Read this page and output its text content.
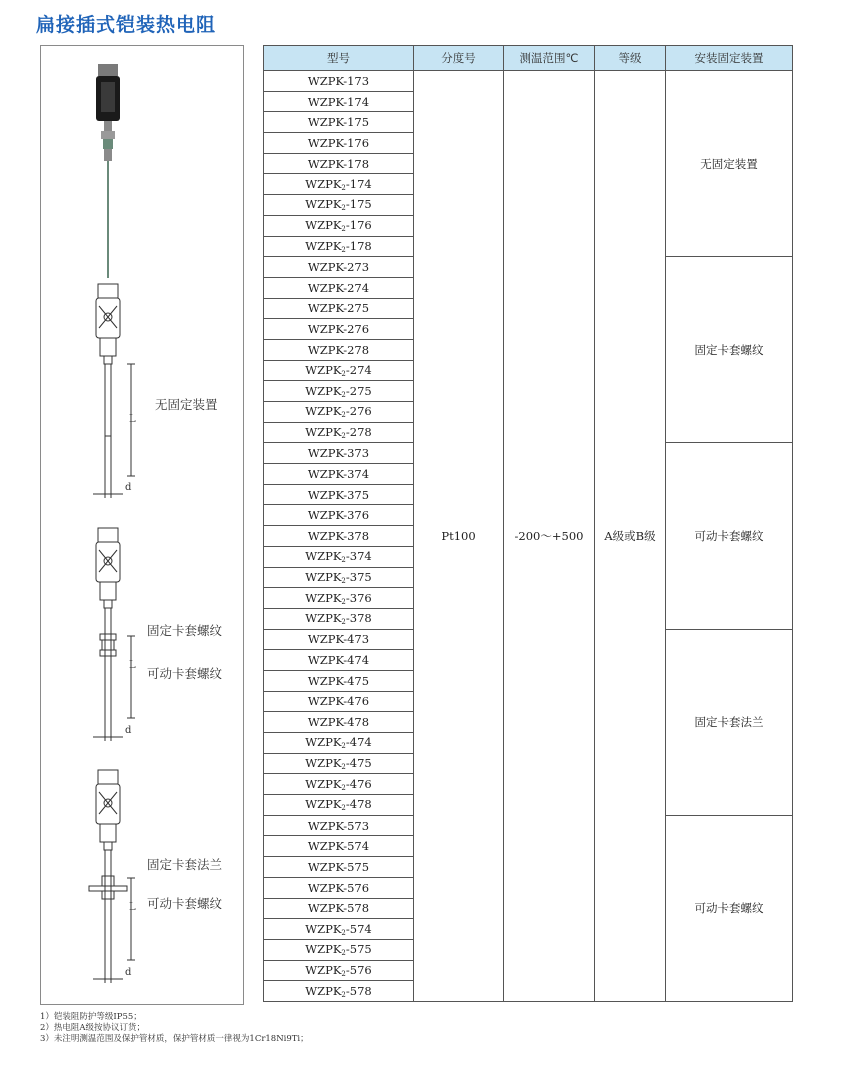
扁接插式铠装热电阻
L
d
L
d
L
d
无固定装置
固定卡套螺纹
可动卡套螺纹
固定卡套法兰
可动卡套螺纹
型号	分度号	测温范围℃	等级	安装固定装置
WZPK-173	Pt100	-200～+500	A级或B级	无固定装置
WZPK-174				
WZPK-175				
WZPK-176				
WZPK-178				
$WZPK_2-174$				
$WZPK_2-175$				
$WZPK_2-176$				
$WZPK_2-178$				
WZPK-273				固定卡套螺纹
WZPK-274				
WZPK-275				
WZPK-276				
WZPK-278				
$WZPK_2-274$				
$WZPK_2-275$				
$WZPK_2-276$				
$WZPK_2-278$				
WZPK-373				可动卡套螺纹
WZPK-374				
WZPK-375				
WZPK-376				
WZPK-378				
$WZPK_2-374$				
$WZPK_2-375$				
$WZPK_2-376$				
$WZPK_2-378$				
WZPK-473				固定卡套法兰
WZPK-474				
WZPK-475				
WZPK-476				
WZPK-478				
$WZPK_2-474$				
$WZPK_2-475$				
$WZPK_2-476$				
$WZPK_2-478$				
WZPK-573				可动卡套螺纹
WZPK-574				
WZPK-575				
WZPK-576				
WZPK-578				
$WZPK_2-574$				
$WZPK_2-575$				
$WZPK_2-576$				
$WZPK_2-578$				
1）铠装阻防护等级IP55；
2）热电阻A级按协议订货；
3）未注明测温范围及保护管材质，保护管材质一律视为1Cr18Ni9Ti；
